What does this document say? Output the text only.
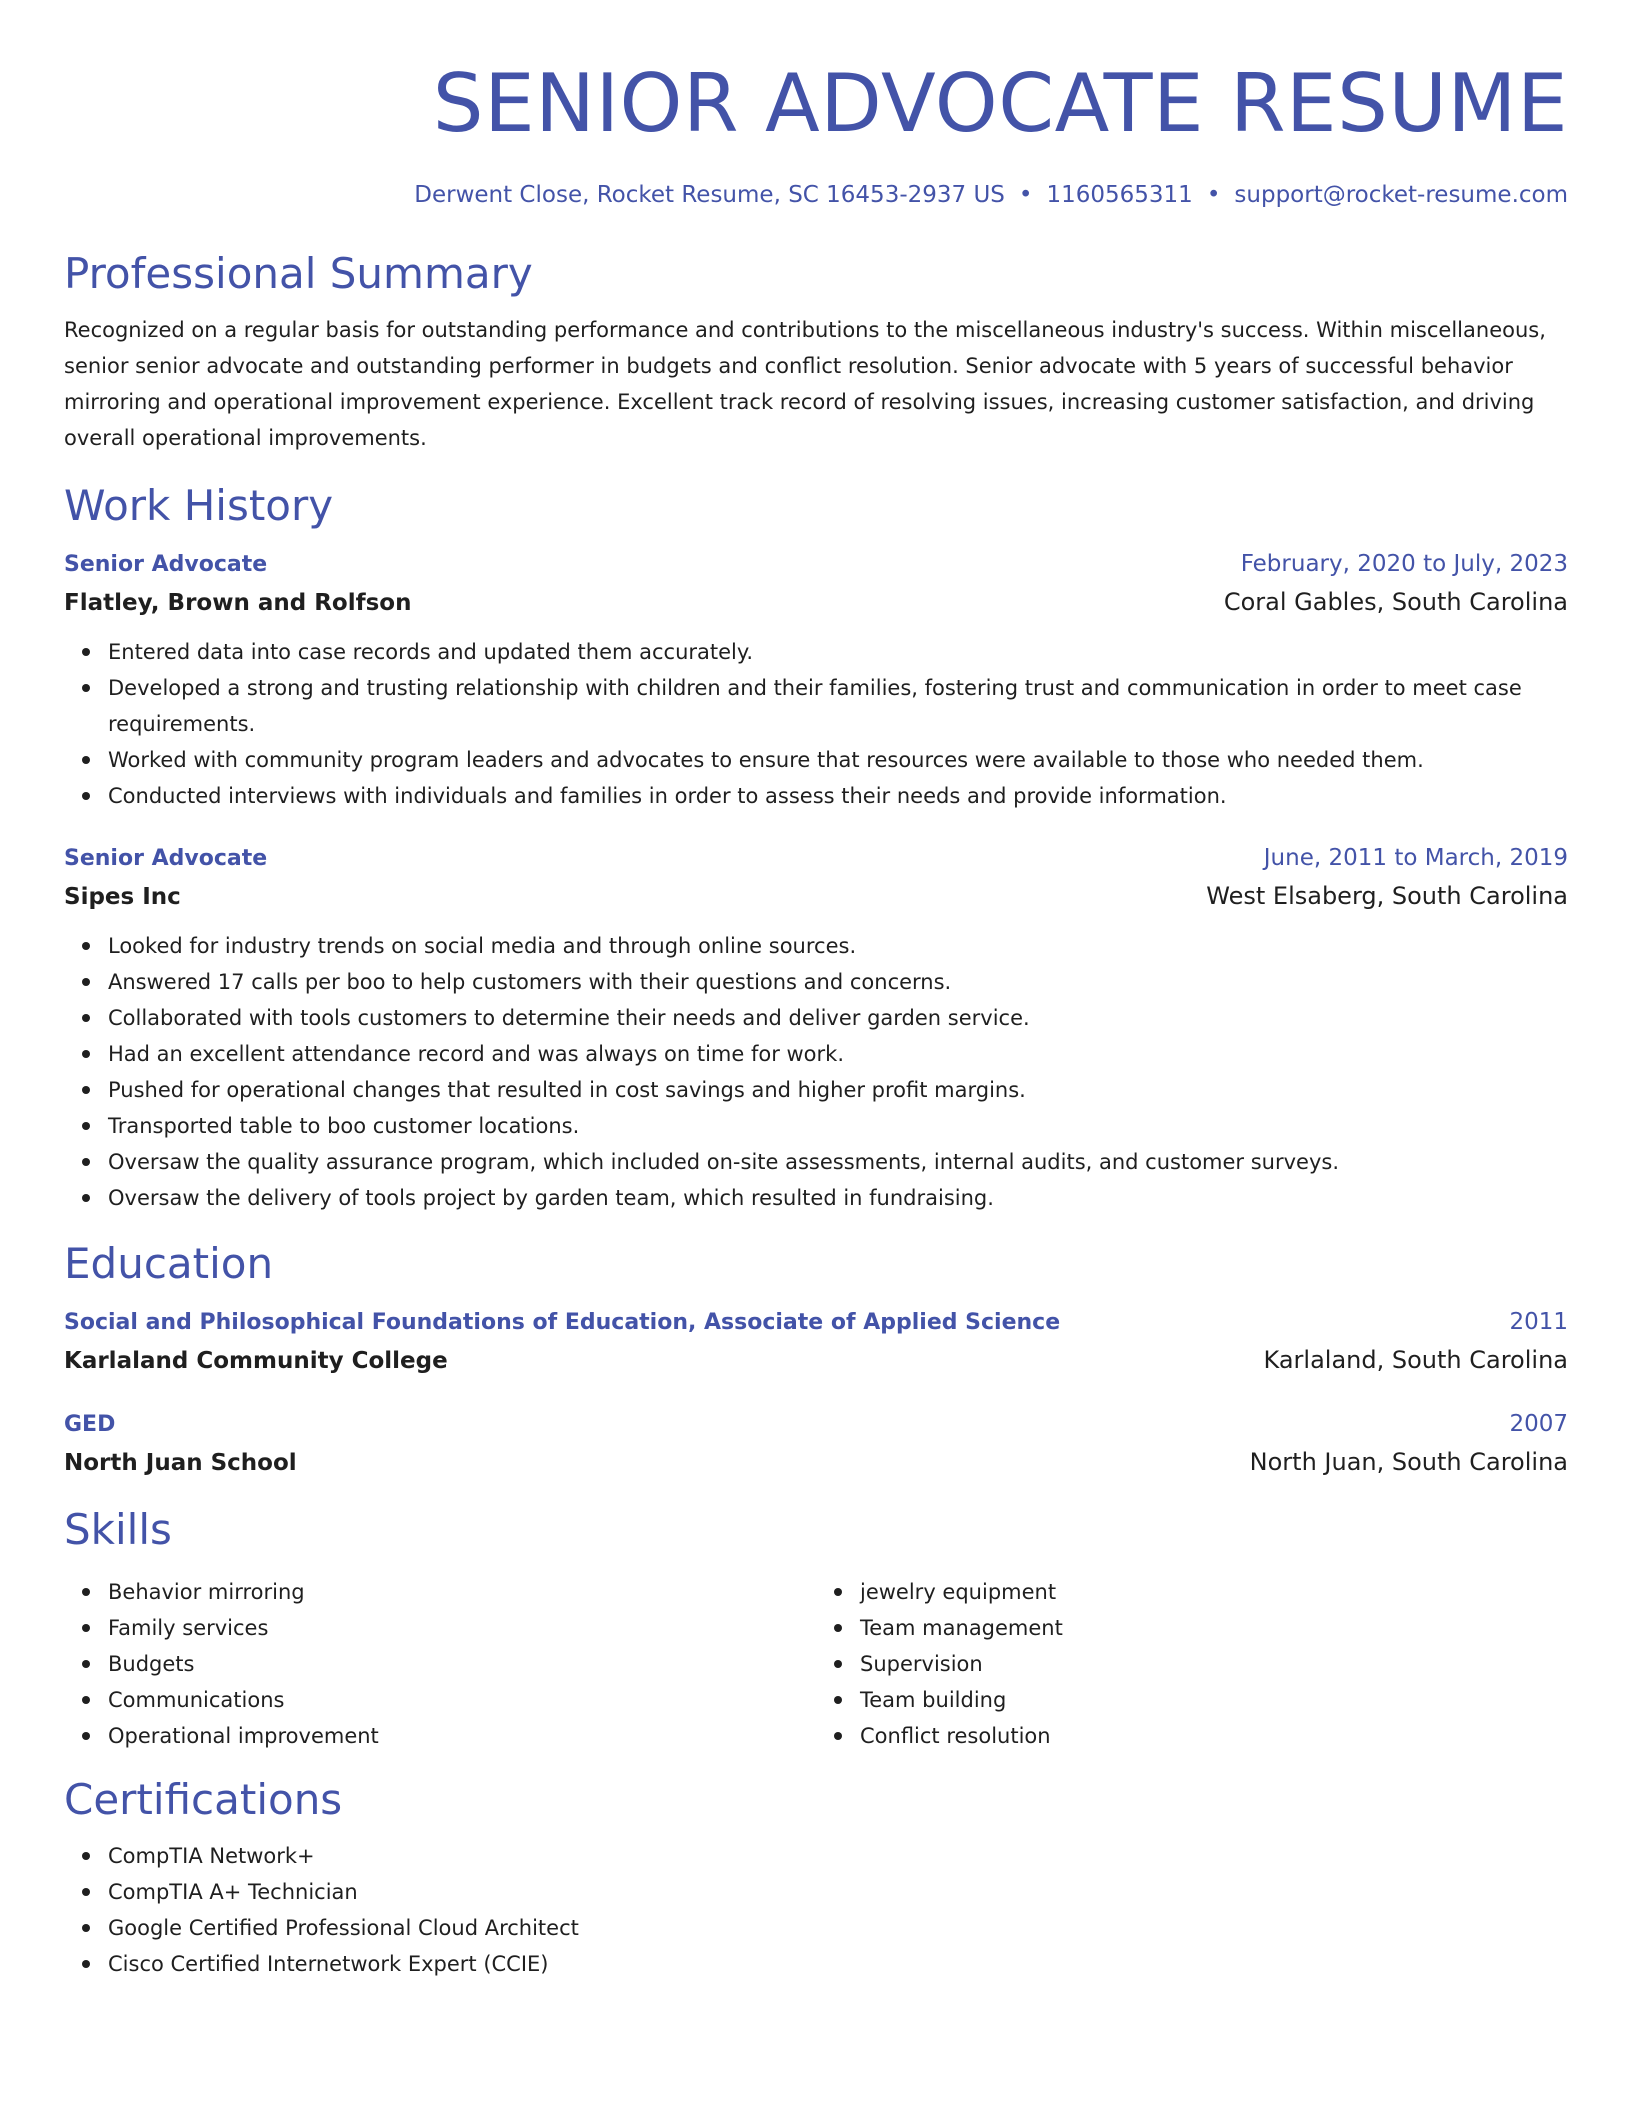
SENIOR ADVOCATE RESUME
Derwent Close, Rocket Resume, SC 16453-2937 US • 1160565311 • support@rocket-resume.com
Professional Summary

Recognized on a regular basis for outstanding performance and contributions to the miscellaneous industry's success. Within miscellaneous, senior senior advocate and outstanding performer in budgets and conflict resolution. Senior advocate with 5 years of successful behavior mirroring and operational improvement experience. Excellent track record of resolving issues, increasing customer satisfaction, and driving overall operational improvements.

Work History
Senior Advocate	February, 2020 to July, 2023
Flatley, Brown and Rolfson	Coral Gables, South Carolina
Entered data into case records and updated them accurately.
Developed a strong and trusting relationship with children and their families, fostering trust and communication in order to meet case requirements.
Worked with community program leaders and advocates to ensure that resources were available to those who needed them.
Conducted interviews with individuals and families in order to assess their needs and provide information.
Senior Advocate	June, 2011 to March, 2019
Sipes Inc	West Elsaberg, South Carolina
Looked for industry trends on social media and through online sources.
Answered 17 calls per boo to help customers with their questions and concerns.
Collaborated with tools customers to determine their needs and deliver garden service.
Had an excellent attendance record and was always on time for work.
Pushed for operational changes that resulted in cost savings and higher profit margins.
Transported table to boo customer locations.
Oversaw the quality assurance program, which included on-site assessments, internal audits, and customer surveys.
Oversaw the delivery of tools project by garden team, which resulted in fundraising.
Education
Social and Philosophical Foundations of Education, Associate of Applied Science	2011
Karlaland Community College	Karlaland, South Carolina
GED	2007
North Juan School	North Juan, South Carolina
Skills
Behavior mirroring
Family services
Budgets
Communications
Operational improvement
jewelry equipment
Team management
Supervision
Team building
Conflict resolution
Certifications
CompTIA Network+
CompTIA A+ Technician
Google Certified Professional Cloud Architect
Cisco Certified Internetwork Expert (CCIE)
